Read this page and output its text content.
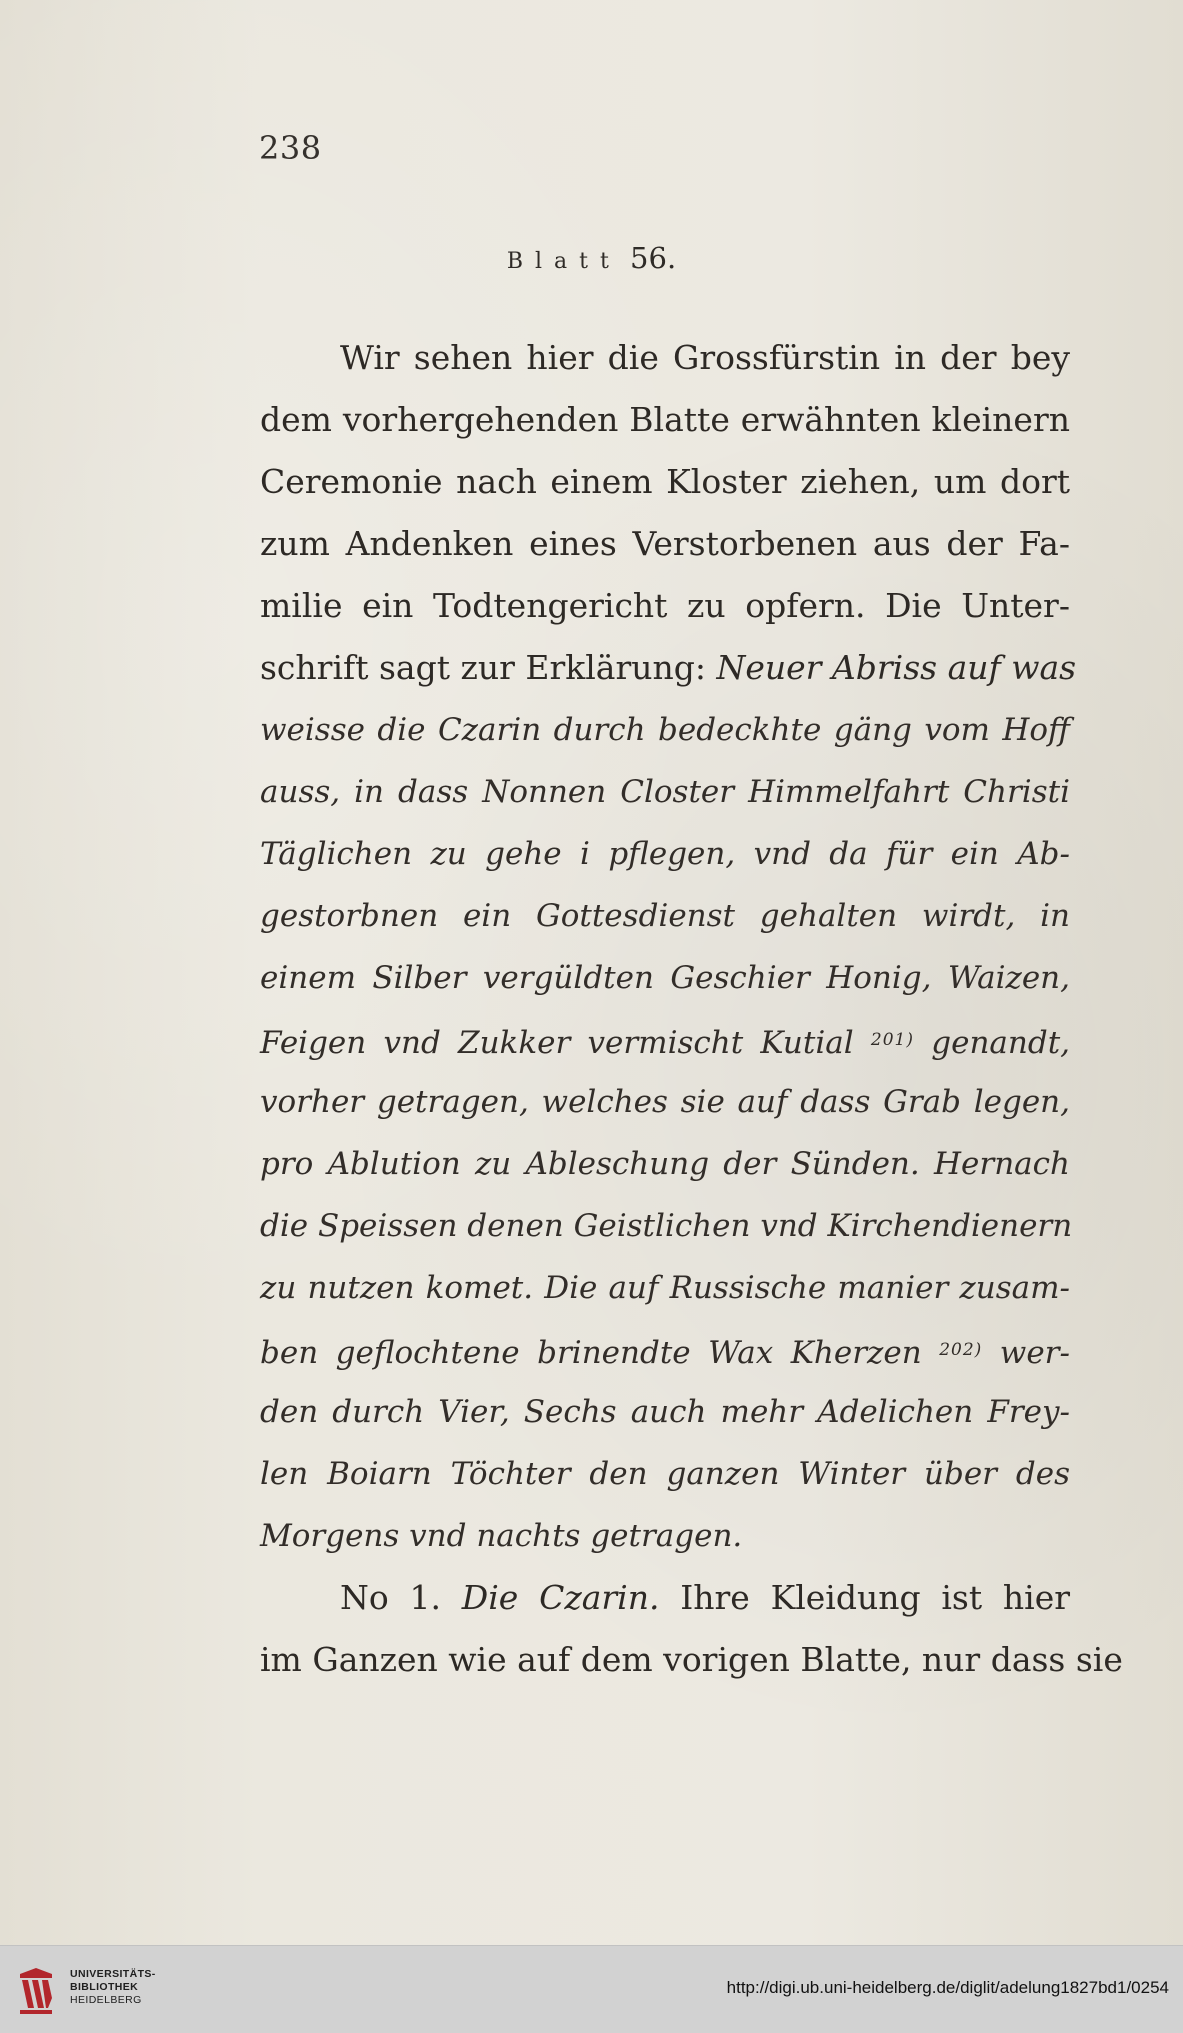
238
Blatt 56.
Wir sehen hier die Grossfürstin in der bey
dem vorhergehenden Blatte erwähnten kleinern
Ceremonie nach einem Kloster ziehen, um dort
zum Andenken eines Verstorbenen aus der Fa-
milie ein Todtengericht zu opfern. Die Unter-
schrift sagt zur Erklärung: Neuer Abriss auf was
weisse die Czarin durch bedeckhte gäng vom Hoff
auss, in dass Nonnen Closter Himmelfahrt Christi
Täglichen zu gehe i pflegen, vnd da für ein Ab-
gestorbnen ein Gottesdienst gehalten wirdt, in
einem Silber vergüldten Geschier Honig, Waizen,
Feigen vnd Zukker vermischt Kutial $^{201)}$ genandt,
vorher getragen, welches sie auf dass Grab legen,
pro Ablution zu Ableschung der Sünden. Hernach
die Speissen denen Geistlichen vnd Kirchendienern
zu nutzen komet. Die auf Russische manier zusam-
ben geflochtene brinendte Wax Kherzen $^{202)}$ wer-
den durch Vier, Sechs auch mehr Adelichen Frey-
len Boiarn Töchter den ganzen Winter über des
Morgens vnd nachts getragen.
No 1. Die Czarin. Ihre Kleidung ist hier
im Ganzen wie auf dem vorigen Blatte, nur dass sie
UNIVERSITÄTS-
BIBLIOTHEK
HEIDELBERG
http://digi.ub.uni-heidelberg.de/diglit/adelung1827bd1/0254
